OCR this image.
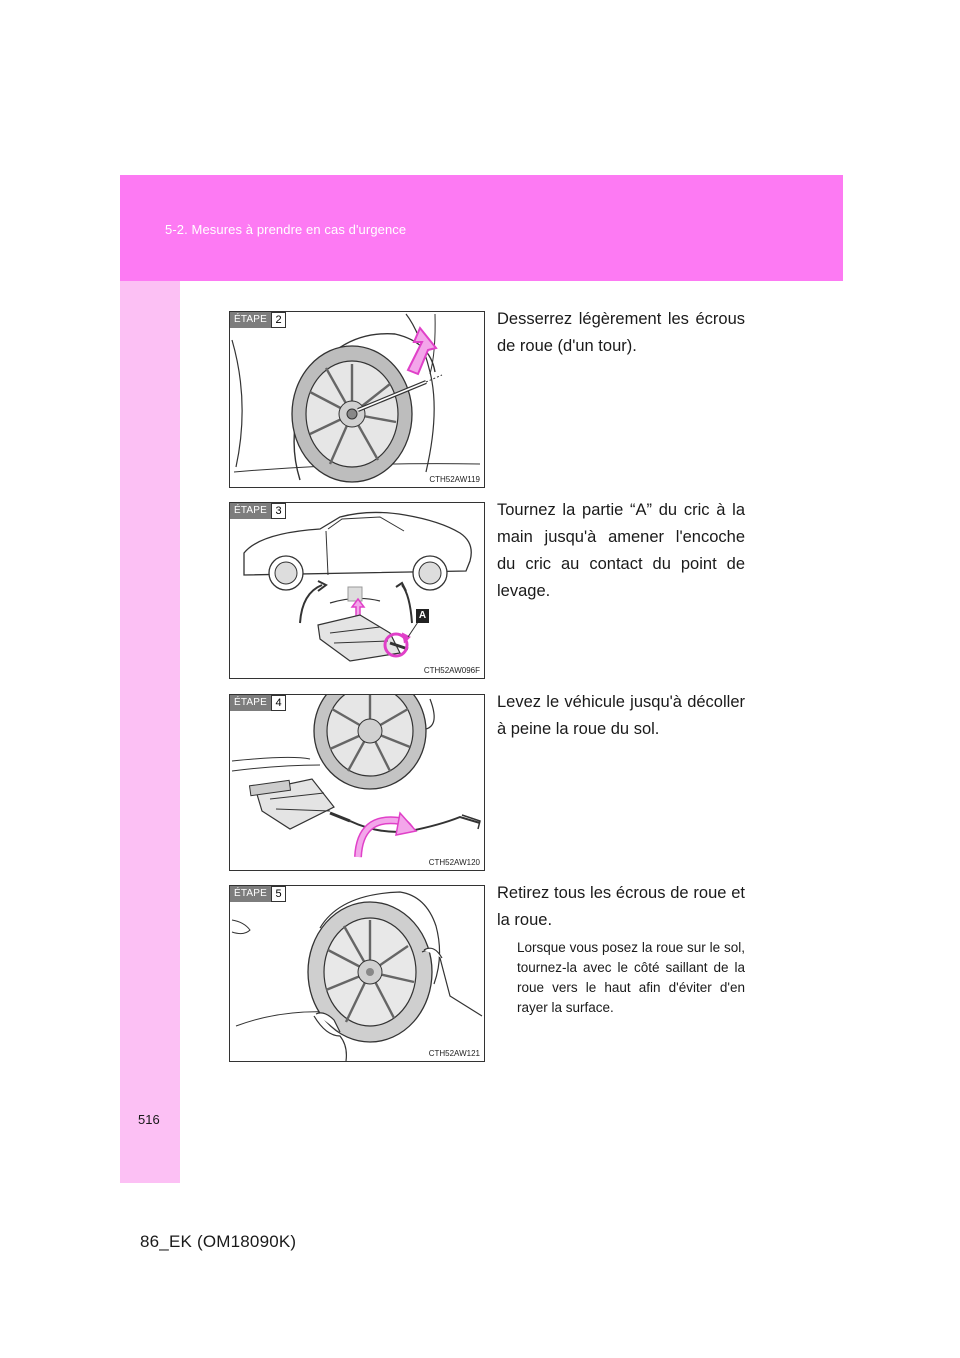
5-2. Mesures à prendre en cas d'urgence
ÉTAPE 2
CTH52AW119
Desserrez légèrement les écrous de roue (d'un tour).
ÉTAPE 3
A
CTH52AW096F
Tournez la partie “A” du cric à la main jusqu'à amener l'encoche du cric au contact du point de levage.
ÉTAPE 4
CTH52AW120
Levez le véhicule jusqu'à décoller à peine la roue du sol.
ÉTAPE 5
CTH52AW121
Retirez tous les écrous de roue et la roue.
Lorsque vous posez la roue sur le sol, tournez-la avec le côté saillant de la roue vers le haut afin d'éviter d'en rayer la surface.
516
86_EK (OM18090K)
